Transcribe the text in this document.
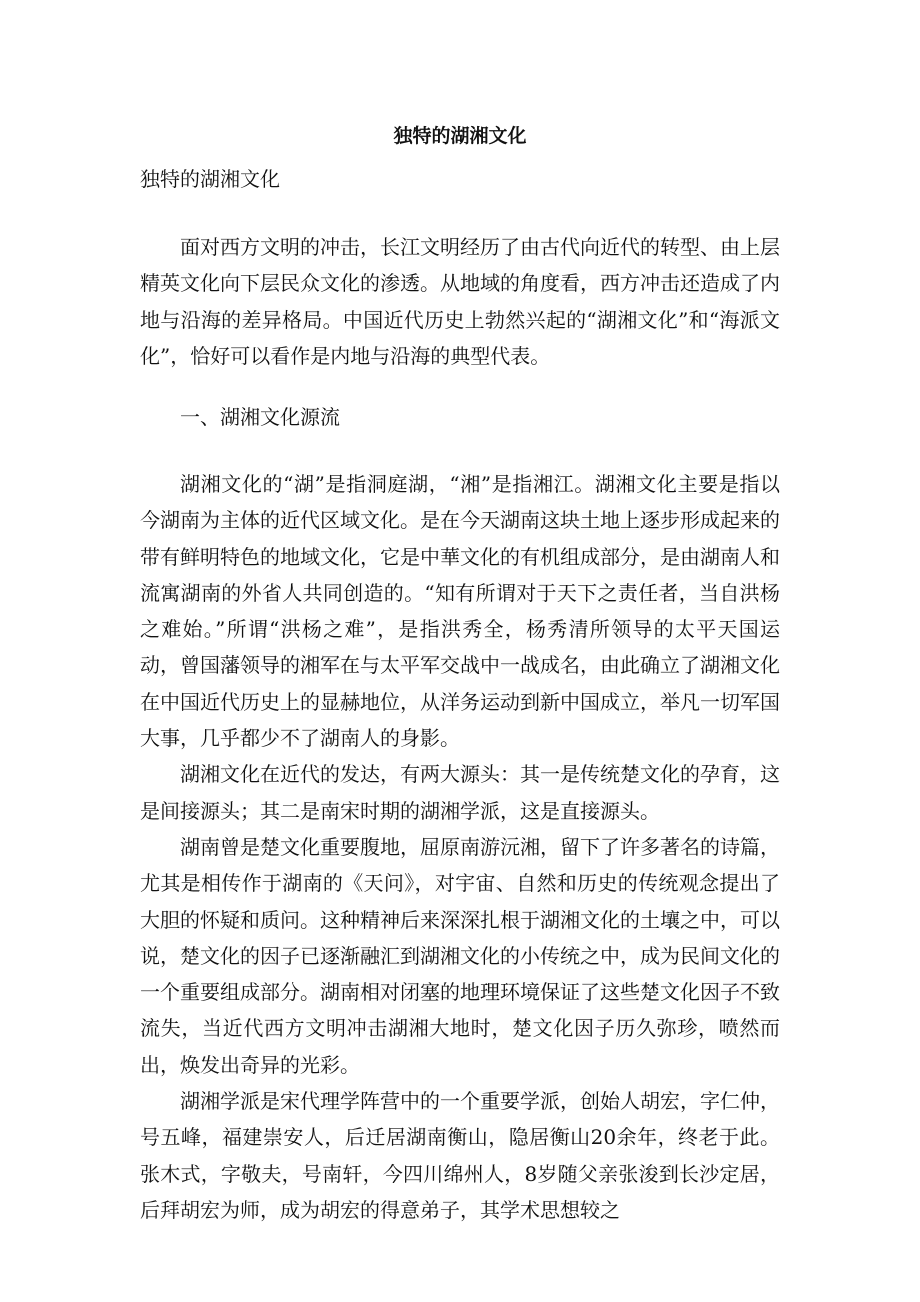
独特的湖湘文化
独特的湖湘文化

面对西方文明的冲击，长江文明经历了由古代向近代的转型、由上层精英文化向下层民众文化的渗透。从地域的角度看，西方冲击还造成了内地与沿海的差异格局。中国近代历史上勃然兴起的“湖湘文化”和“海派文化”，恰好可以看作是内地与沿海的典型代表。

一、湖湘文化源流

湖湘文化的“湖”是指洞庭湖，“湘”是指湘江。湖湘文化主要是指以今湖南为主体的近代区域文化。是在今天湖南这块土地上逐步形成起来的带有鲜明特色的地域文化，它是中華文化的有机组成部分，是由湖南人和流寓湖南的外省人共同创造的。“知有所谓对于天下之责任者，当自洪杨之难始。”所谓“洪杨之难”，是指洪秀全，杨秀清所领导的太平天国运动，曾国藩领导的湘军在与太平军交战中一战成名，由此确立了湖湘文化在中国近代历史上的显赫地位，从洋务运动到新中国成立，举凡一切军国大事，几乎都少不了湖南人的身影。

湖湘文化在近代的发达，有两大源头：其一是传统楚文化的孕育，这是间接源头；其二是南宋时期的湖湘学派，这是直接源头。

湖南曾是楚文化重要腹地，屈原南游沅湘，留下了许多著名的诗篇，尤其是相传作于湖南的《天问》，对宇宙、自然和历史的传统观念提出了大胆的怀疑和质问。这种精神后来深深扎根于湖湘文化的土壤之中，可以说，楚文化的因子已逐渐融汇到湖湘文化的小传统之中，成为民间文化的一个重要组成部分。湖南相对闭塞的地理环境保证了这些楚文化因子不致流失，当近代西方文明冲击湖湘大地时，楚文化因子历久弥珍，喷然而出，焕发出奇异的光彩。

湖湘学派是宋代理学阵营中的一个重要学派，创始人胡宏，字仁仲，号五峰，福建崇安人，后迁居湖南衡山，隐居衡山20余年，终老于此。张木式，字敬夫，号南轩，今四川绵州人，8岁随父亲张浚到长沙定居，后拜胡宏为师，成为胡宏的得意弟子，其学术思想较之
